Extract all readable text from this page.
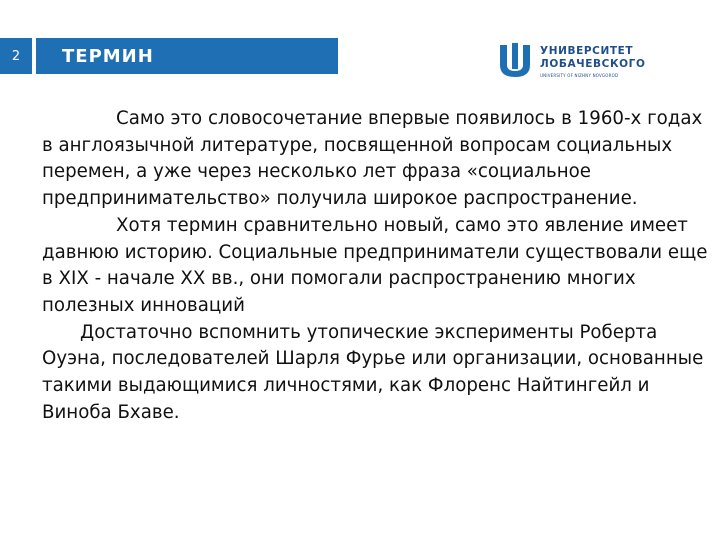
2	ТЕРМИН	УНИВЕРСИТЕТ
ЛОБАЧЕВСКОГО
UNIVERSITY OF NIZHNY NOVGOROD

Само это словосочетание впервые появилось в 1960-х годах в англоязычной литературе, посвященной вопросам социальных перемен, а уже через несколько лет фраза «социальное предпринимательство» получила широкое распространение.

Хотя термин сравнительно новый, само это явление имеет давнюю историю. Социальные предприниматели существовали еще в XIX - начале XX вв., они помогали распространению многих полезных инноваций

Достаточно вспомнить утопические эксперименты Роберта Оуэна, последователей Шарля Фурье или организации, основанные такими выдающимися личностями, как Флоренс Найтингейл и Виноба Бхаве.
